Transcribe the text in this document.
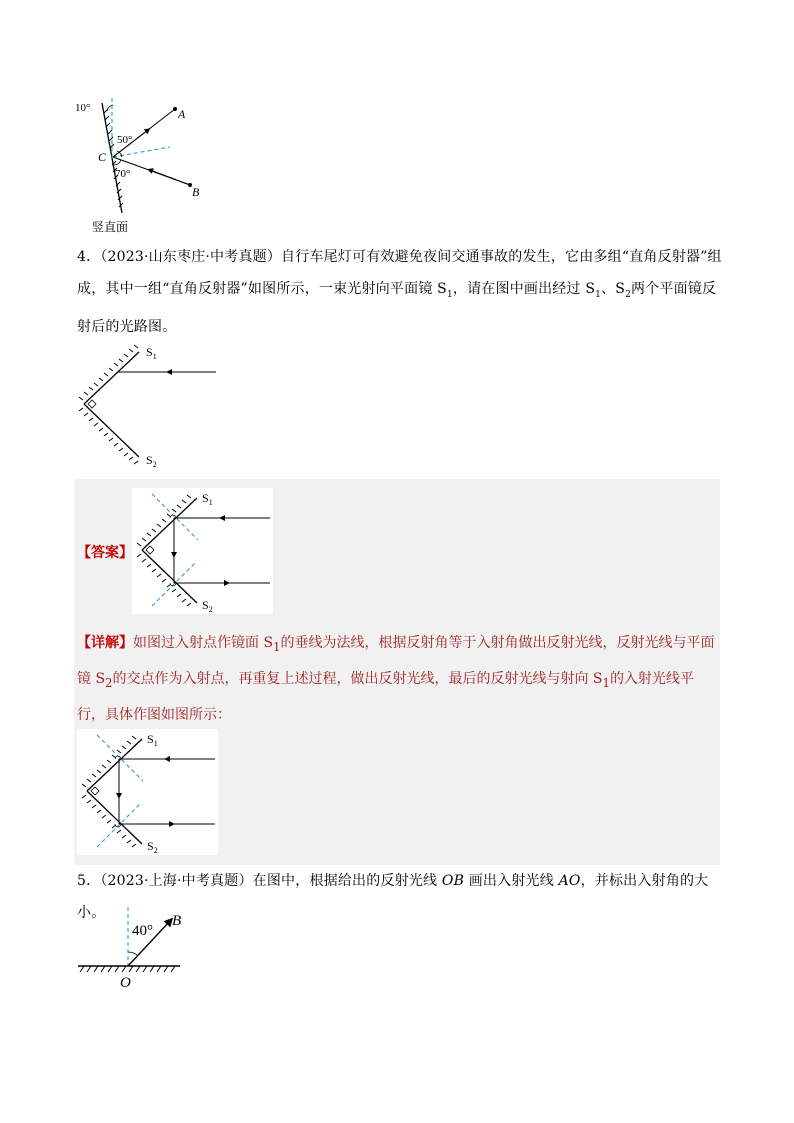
10°
50°
70°
C
A
B
竖直面
4．（2023·山东枣庄·中考真题）自行车尾灯可有效避免夜间交通事故的发生，它由多组“直角反射器”组成，其中一组“直角反射器”如图所示，一束光射向平面镜 $S_1$，请在图中画出经过 $S_1$、$S_2$两个平面镜反射后的光路图。
$S_1$
$S_2$
【答案】
$S_1$
$S_2$
【详解】如图过入射点作镜面 $S_1$的垂线为法线，根据反射角等于入射角做出反射光线，反射光线与平面镜 $S_2$的交点作为入射点，再重复上述过程，做出反射光线，最后的反射光线与射向 $S_1$的入射光线平行，具体作图如图所示：
$S_1$
$S_2$
5．（2023·上海·中考真题）在图中，根据给出的反射光线 OB 画出入射光线 AO，并标出入射角的大小。
40°
B
O
